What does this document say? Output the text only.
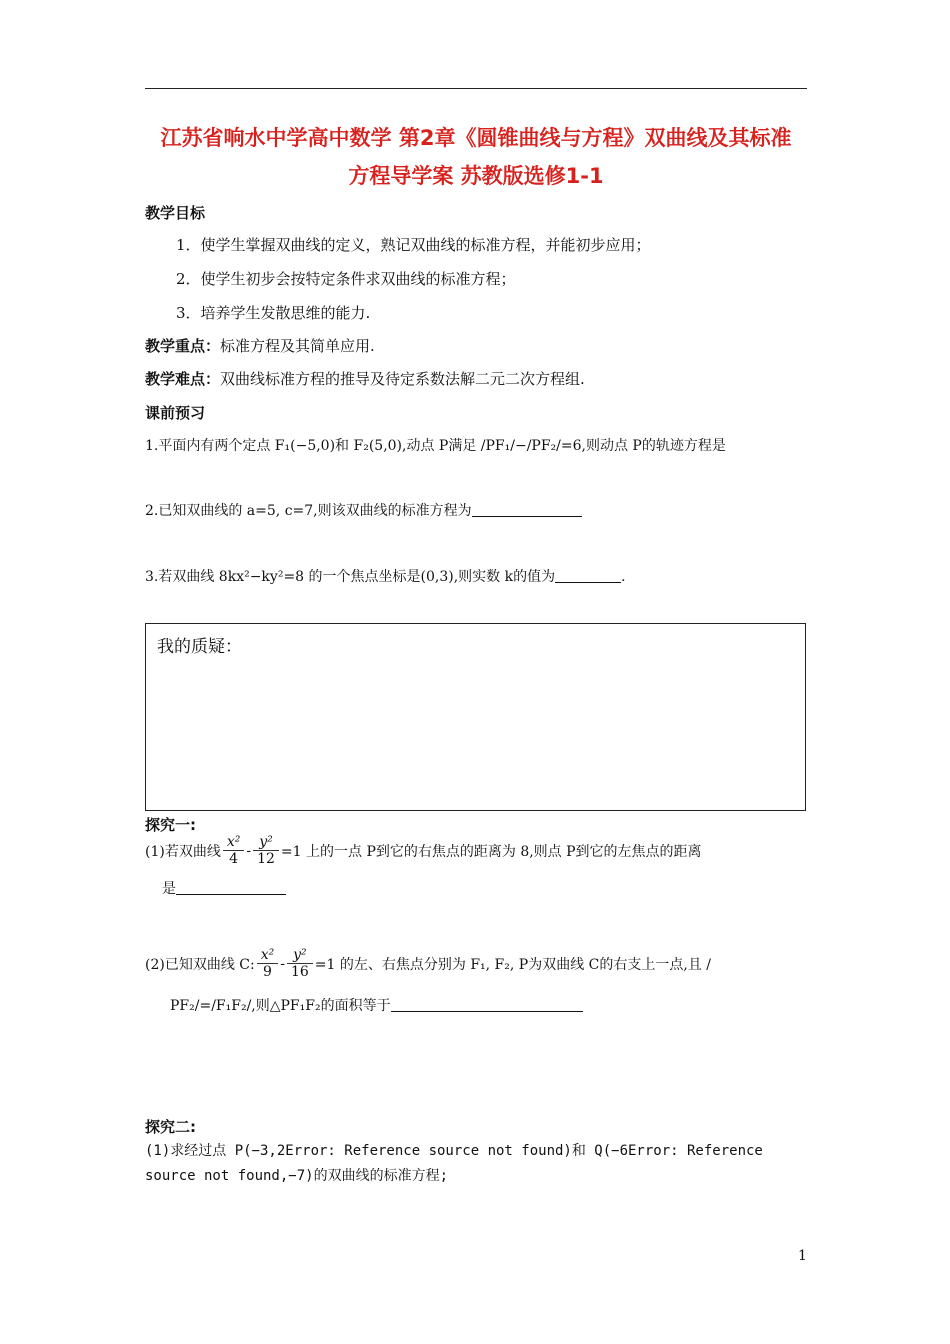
江苏省响水中学高中数学 第2章《圆锥曲线与方程》双曲线及其标准
方程导学案 苏教版选修1-1
教学目标
1．使学生掌握双曲线的定义，熟记双曲线的标准方程，并能初步应用；
2．使学生初步会按特定条件求双曲线的标准方程；
3．培养学生发散思维的能力.
教学重点：标准方程及其简单应用.
教学难点：双曲线标准方程的推导及待定系数法解二元二次方程组.
课前预习
1.平面内有两个定点 F₁(−5,0)和 F₂(5,0),动点 P满足 /PF₁/−/PF₂/=6,则动点 P的轨迹方程是
2.已知双曲线的 a=5, c=7,则该双曲线的标准方程为
3.若双曲线 8kx²−ky²=8 的一个焦点坐标是(0,3),则实数 k的值为	.
我的质疑：
探究一:
(1)若双曲线 $\frac{\text{x²}}{4} - \frac{\text{y²}}{12} =1$ 上的一点 P到它的右焦点的距离为 8,则点 P到它的左焦点的距离
是
(2)已知双曲线 C: $\frac{\text{x²}}{9} - \frac{\text{y²}}{16} =1$ 的左、右焦点分别为 F₁, F₂, P为双曲线 C的右支上一点,且 /
PF₂/=/F₁F₂/,则△PF₁F₂的面积等于
探究二:
(1)求经过点 P(−3,2Error: Reference source not found)和 Q(−6Error: Reference
source not found,−7)的双曲线的标准方程;
1
